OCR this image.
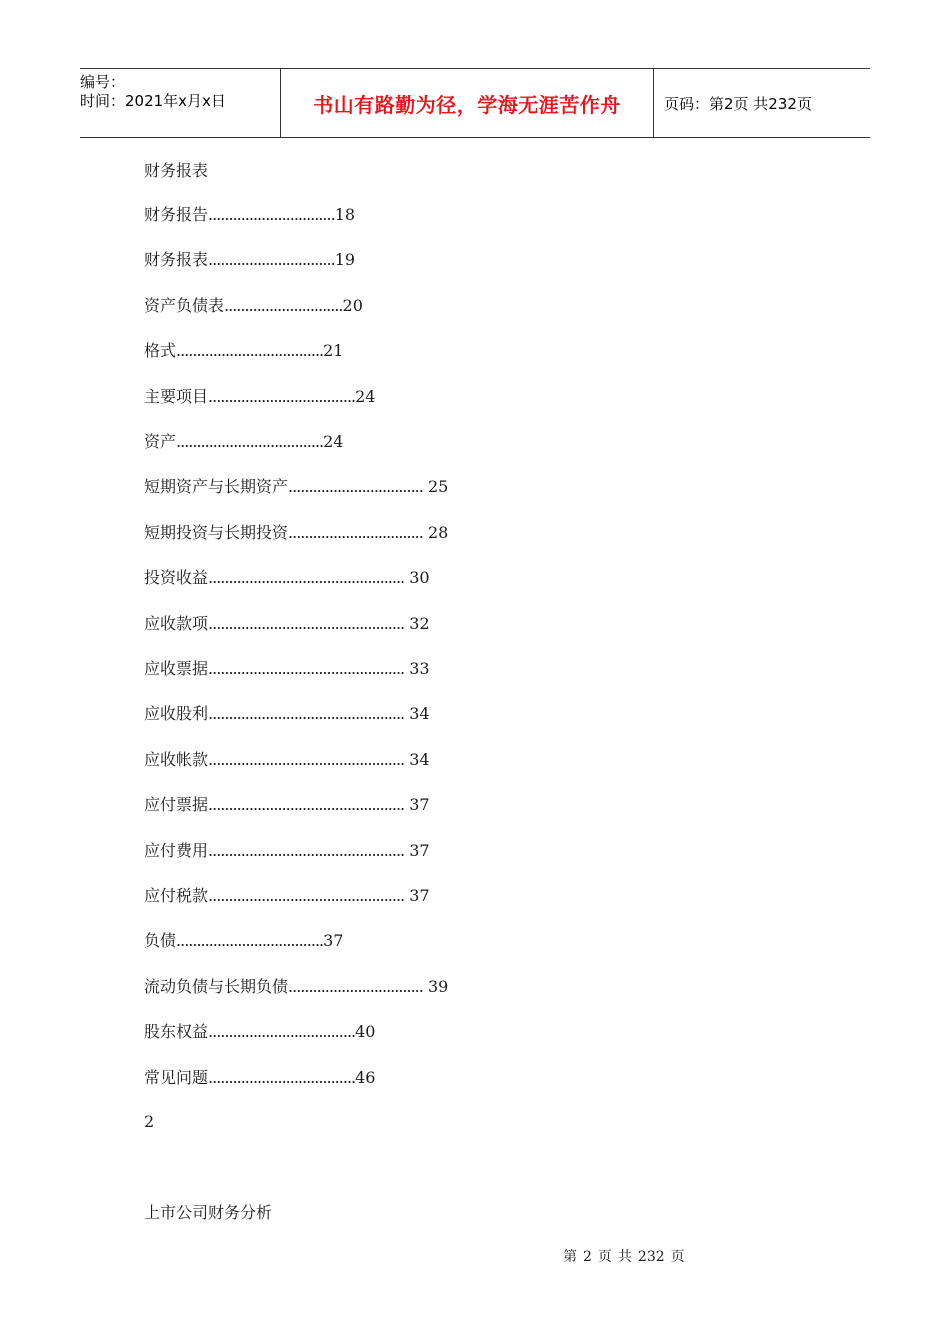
编号：
时间：2021年x月x日	书山有路勤为径，学海无涯苦作舟	页码：第2页 共232页
财务报表
财务报告...............................18
财务报表...............................19
资产负债表.............................20
格式....................................21
主要项目....................................24
资产....................................24
短期资产与长期资产................................. 25
短期投资与长期投资................................. 28
投资收益................................................ 30
应收款项................................................ 32
应收票据................................................ 33
应收股利................................................ 34
应收帐款................................................ 34
应付票据................................................ 37
应付费用................................................ 37
应付税款................................................ 37
负债....................................37
流动负债与长期负债................................. 39
股东权益....................................40
常见问题....................................46
2
上市公司财务分析
第 2 页 共 232 页
